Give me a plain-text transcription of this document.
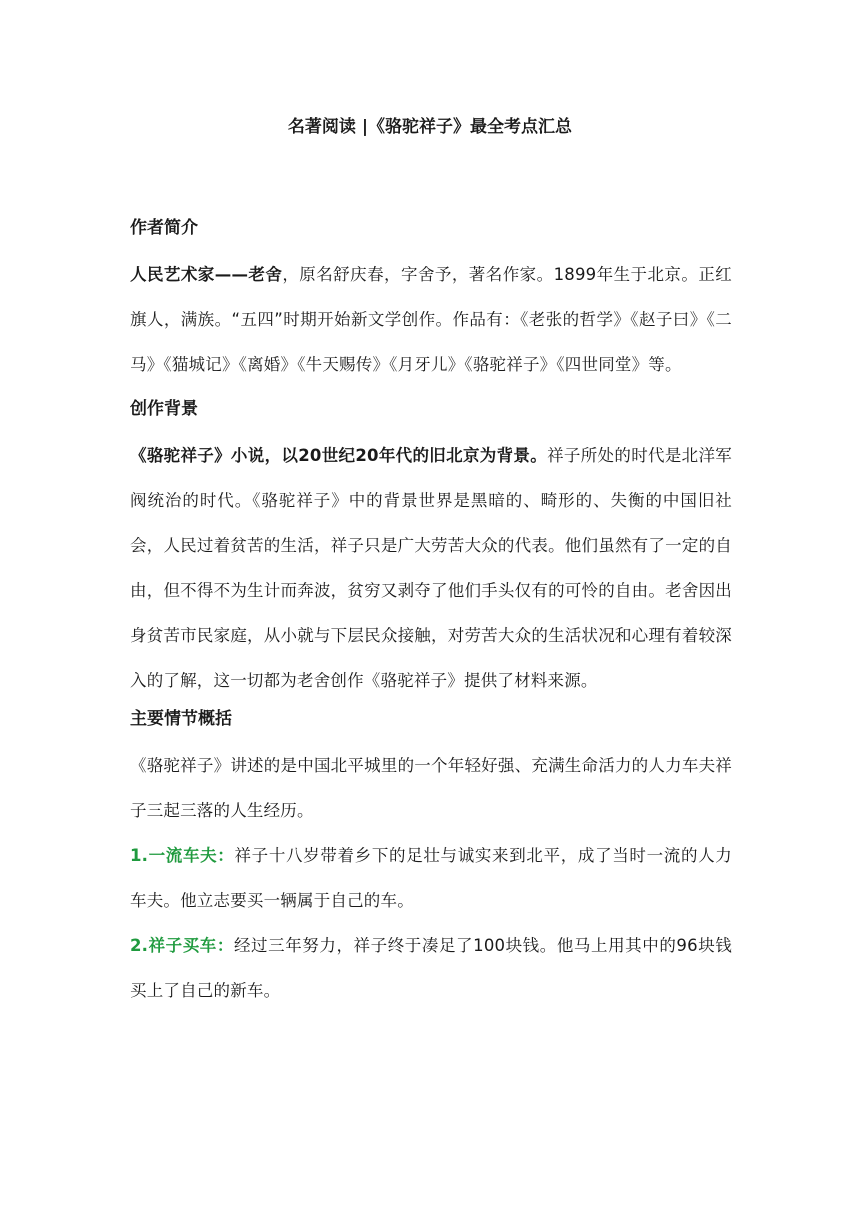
名著阅读 |《骆驼祥子》最全考点汇总
作者简介

人民艺术家——老舍，原名舒庆春，字舍予，著名作家。1899年生于北京。正红旗人，满族。“五四”时期开始新文学创作。作品有：《老张的哲学》《赵子曰》《二马》《猫城记》《离婚》《牛天赐传》《月牙儿》《骆驼祥子》《四世同堂》等。

创作背景

《骆驼祥子》小说，以20世纪20年代的旧北京为背景。祥子所处的时代是北洋军阀统治的时代。《骆驼祥子》中的背景世界是黑暗的、畸形的、失衡的中国旧社会，人民过着贫苦的生活，祥子只是广大劳苦大众的代表。他们虽然有了一定的自由，但不得不为生计而奔波，贫穷又剥夺了他们手头仅有的可怜的自由。老舍因出身贫苦市民家庭，从小就与下层民众接触，对劳苦大众的生活状况和心理有着较深入的了解，这一切都为老舍创作《骆驼祥子》提供了材料来源。

主要情节概括

《骆驼祥子》讲述的是中国北平城里的一个年轻好强、充满生命活力的人力车夫祥子三起三落的人生经历。

1.一流车夫：祥子十八岁带着乡下的足壮与诚实来到北平，成了当时一流的人力车夫。他立志要买一辆属于自己的车。

2.祥子买车：经过三年努力，祥子终于凑足了100块钱。他马上用其中的96块钱买上了自己的新车。
